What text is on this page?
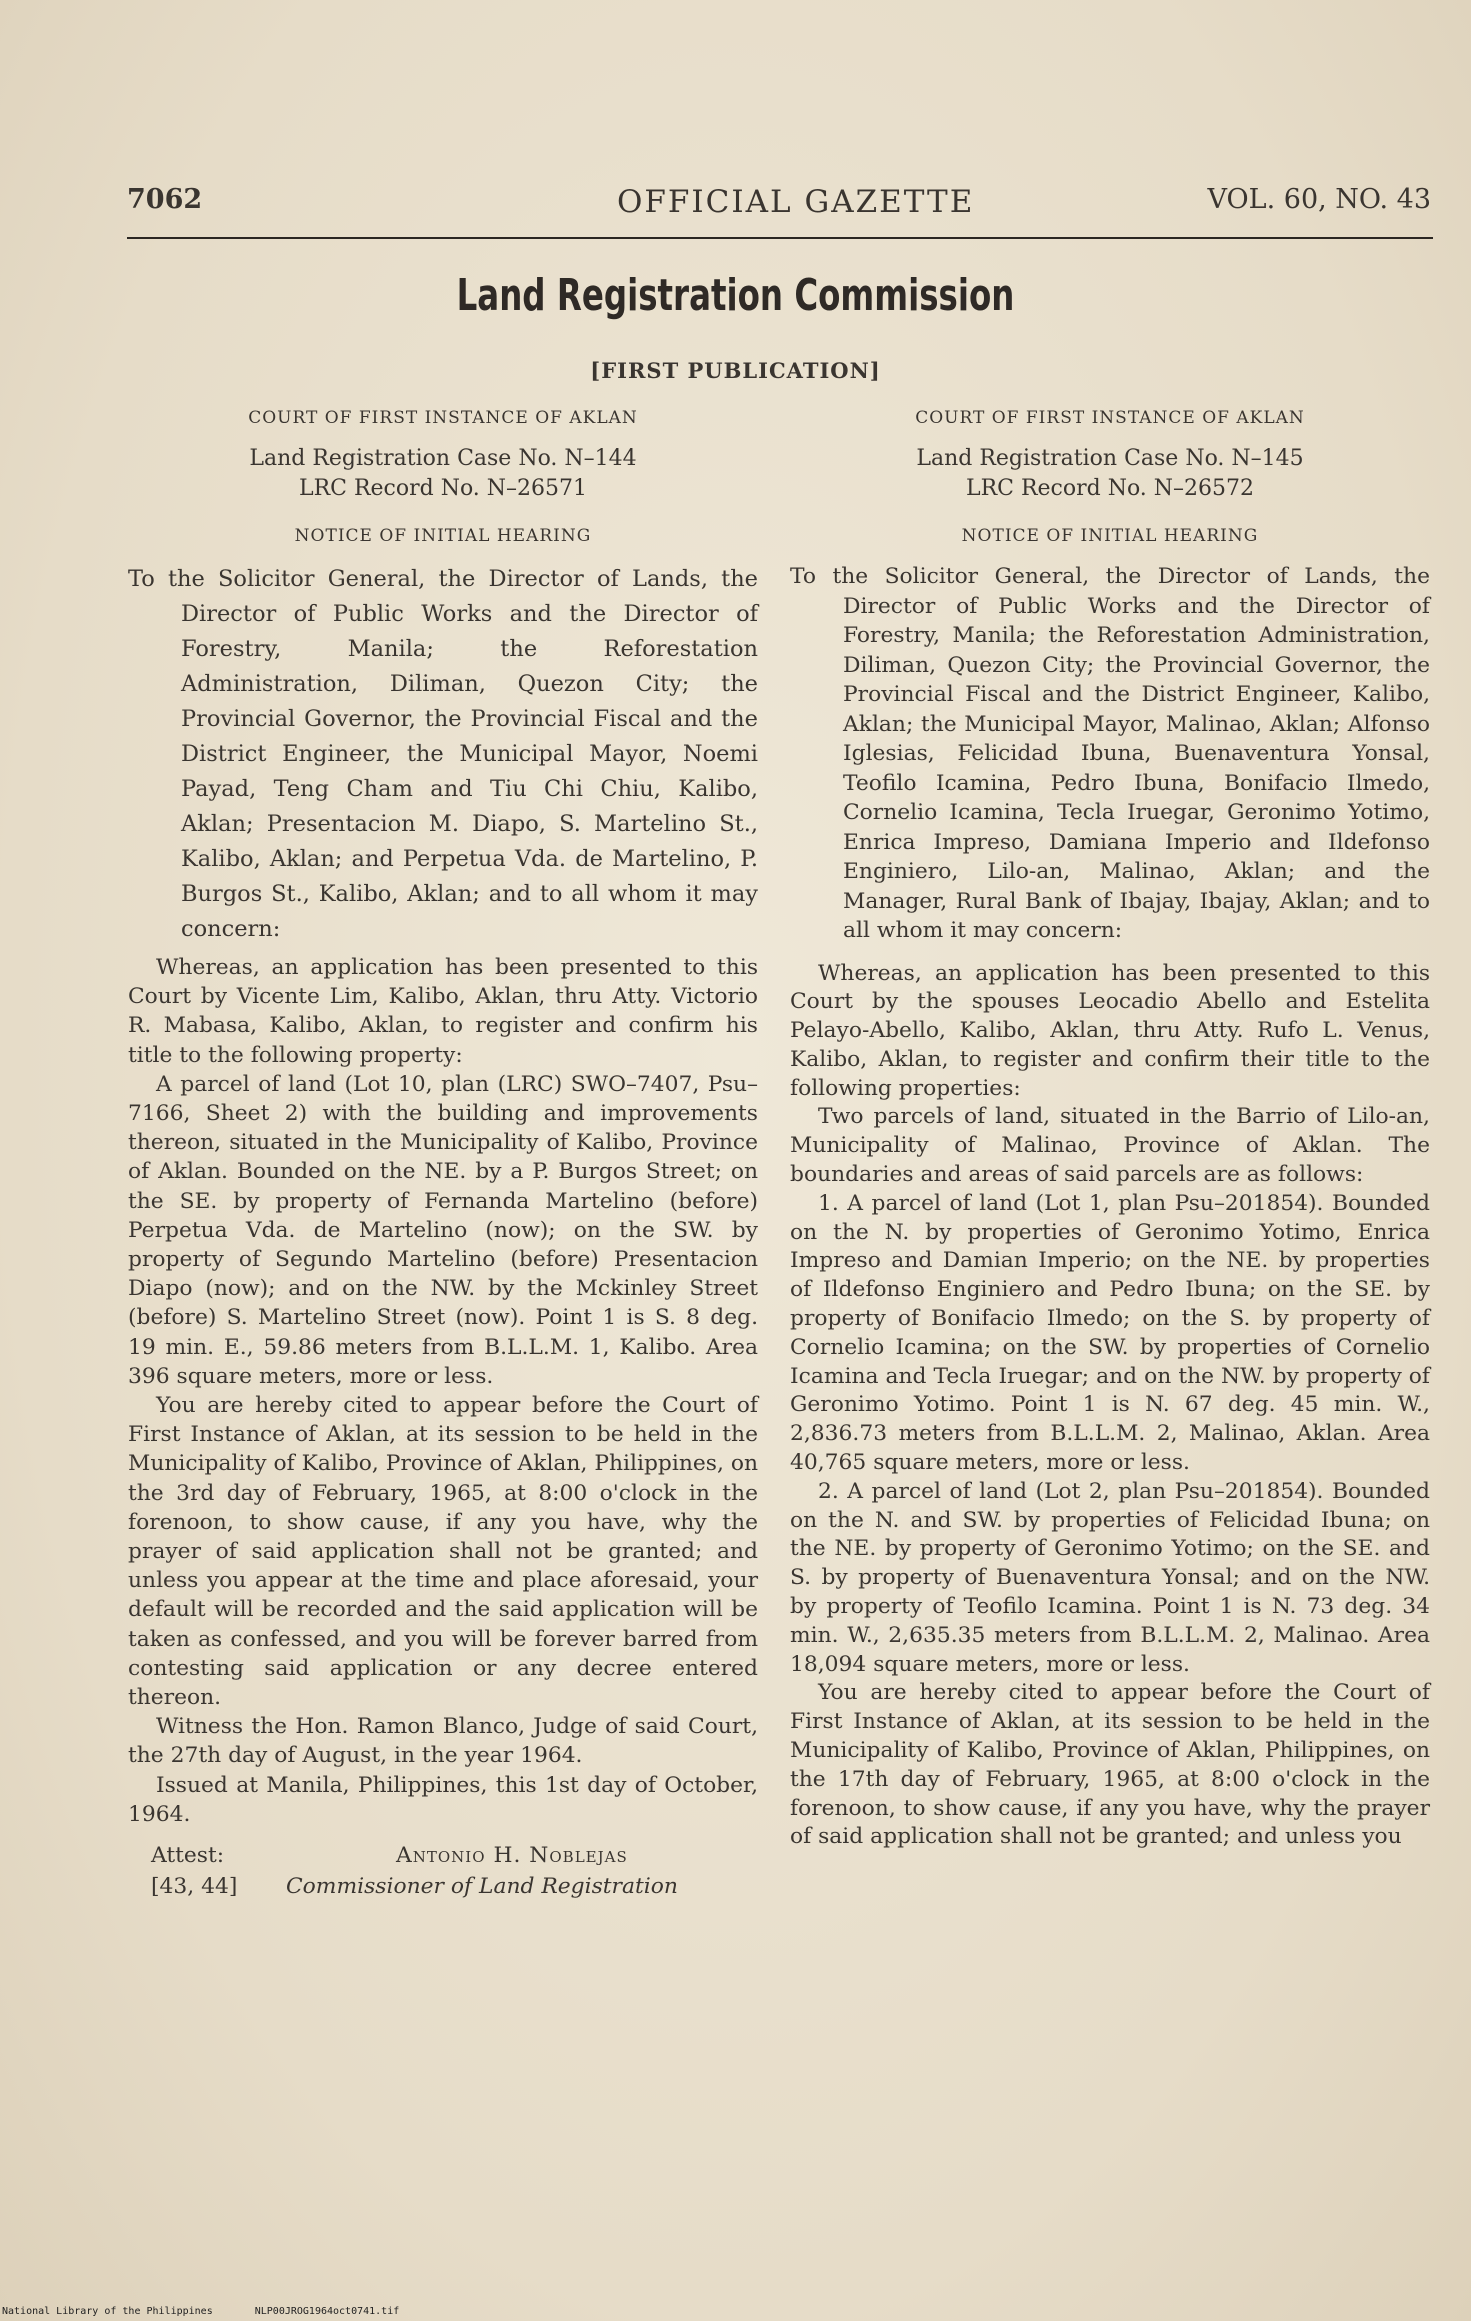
7062	OFFICIAL GAZETTE	VOL. 60, NO. 43
Land Registration Commission
[FIRST PUBLICATION]
COURT OF FIRST INSTANCE OF AKLAN
Land Registration Case No. N–144
LRC Record No. N–26571
NOTICE OF INITIAL HEARING

To the Solicitor General, the Director of Lands, the Director of Public Works and the Director of Forestry, Manila; the Reforestation Administration, Diliman, Quezon City; the Provincial Governor, the Provincial Fiscal and the District Engineer, the Municipal Mayor, Noemi Payad, Teng Cham and Tiu Chi Chiu, Kalibo, Aklan; Presentacion M. Diapo, S. Martelino St., Kalibo, Aklan; and Perpetua Vda. de Martelino, P. Burgos St., Kalibo, Aklan; and to all whom it may concern:

Whereas, an application has been presented to this Court by Vicente Lim, Kalibo, Aklan, thru Atty. Victorio R. Mabasa, Kalibo, Aklan, to register and confirm his title to the following property:

A parcel of land (Lot 10, plan (LRC) SWO–7407, Psu–7166, Sheet 2) with the building and improvements thereon, situated in the Municipality of Kalibo, Province of Aklan. Bounded on the NE. by a P. Burgos Street; on the SE. by property of Fernanda Martelino (before) Perpetua Vda. de Martelino (now); on the SW. by property of Segundo Martelino (before) Presentacion Diapo (now); and on the NW. by the Mckinley Street (before) S. Martelino Street (now). Point 1 is S. 8 deg. 19 min. E., 59.86 meters from B.L.L.M. 1, Kalibo. Area 396 square meters, more or less.

You are hereby cited to appear before the Court of First Instance of Aklan, at its session to be held in the Municipality of Kalibo, Province of Aklan, Philippines, on the 3rd day of February, 1965, at 8:00 o'clock in the forenoon, to show cause, if any you have, why the prayer of said application shall not be granted; and unless you appear at the time and place aforesaid, your default will be recorded and the said application will be taken as confessed, and you will be forever barred from contesting said application or any decree entered thereon.

Witness the Hon. Ramon Blanco, Judge of said Court, the 27th day of August, in the year 1964.

Issued at Manila, Philippines, this 1st day of October, 1964.

Attest:
[43, 44]
Antonio H. Noblejas
Commissioner of Land Registration
COURT OF FIRST INSTANCE OF AKLAN
Land Registration Case No. N–145
LRC Record No. N–26572
NOTICE OF INITIAL HEARING

To the Solicitor General, the Director of Lands, the Director of Public Works and the Director of Forestry, Manila; the Reforestation Administration, Diliman, Quezon City; the Provincial Governor, the Provincial Fiscal and the District Engineer, Kalibo, Aklan; the Municipal Mayor, Malinao, Aklan; Alfonso Iglesias, Felicidad Ibuna, Buenaventura Yonsal, Teofilo Icamina, Pedro Ibuna, Bonifacio Ilmedo, Cornelio Icamina, Tecla Iruegar, Geronimo Yotimo, Enrica Impreso, Damiana Imperio and Ildefonso Enginiero, Lilo-an, Malinao, Aklan; and the Manager, Rural Bank of Ibajay, Ibajay, Aklan; and to all whom it may concern:

Whereas, an application has been presented to this Court by the spouses Leocadio Abello and Estelita Pelayo-Abello, Kalibo, Aklan, thru Atty. Rufo L. Venus, Kalibo, Aklan, to register and confirm their title to the following properties:

Two parcels of land, situated in the Barrio of Lilo-an, Municipality of Malinao, Province of Aklan. The boundaries and areas of said parcels are as follows:

1. A parcel of land (Lot 1, plan Psu–201854). Bounded on the N. by properties of Geronimo Yotimo, Enrica Impreso and Damian Imperio; on the NE. by properties of Ildefonso Enginiero and Pedro Ibuna; on the SE. by property of Bonifacio Ilmedo; on the S. by property of Cornelio Icamina; on the SW. by properties of Cornelio Icamina and Tecla Iruegar; and on the NW. by property of Geronimo Yotimo. Point 1 is N. 67 deg. 45 min. W., 2,836.73 meters from B.L.L.M. 2, Malinao, Aklan. Area 40,765 square meters, more or less.

2. A parcel of land (Lot 2, plan Psu–201854). Bounded on the N. and SW. by properties of Felicidad Ibuna; on the NE. by property of Geronimo Yotimo; on the SE. and S. by property of Buenaventura Yonsal; and on the NW. by property of Teofilo Icamina. Point 1 is N. 73 deg. 34 min. W., 2,635.35 meters from B.L.L.M. 2, Malinao. Area 18,094 square meters, more or less.

You are hereby cited to appear before the Court of First Instance of Aklan, at its session to be held in the Municipality of Kalibo, Province of Aklan, Philippines, on the 17th day of February, 1965, at 8:00 o'clock in the forenoon, to show cause, if any you have, why the prayer of said application shall not be granted; and unless you

National Library of the Philippines	NLP00JROG1964oct0741.tif
